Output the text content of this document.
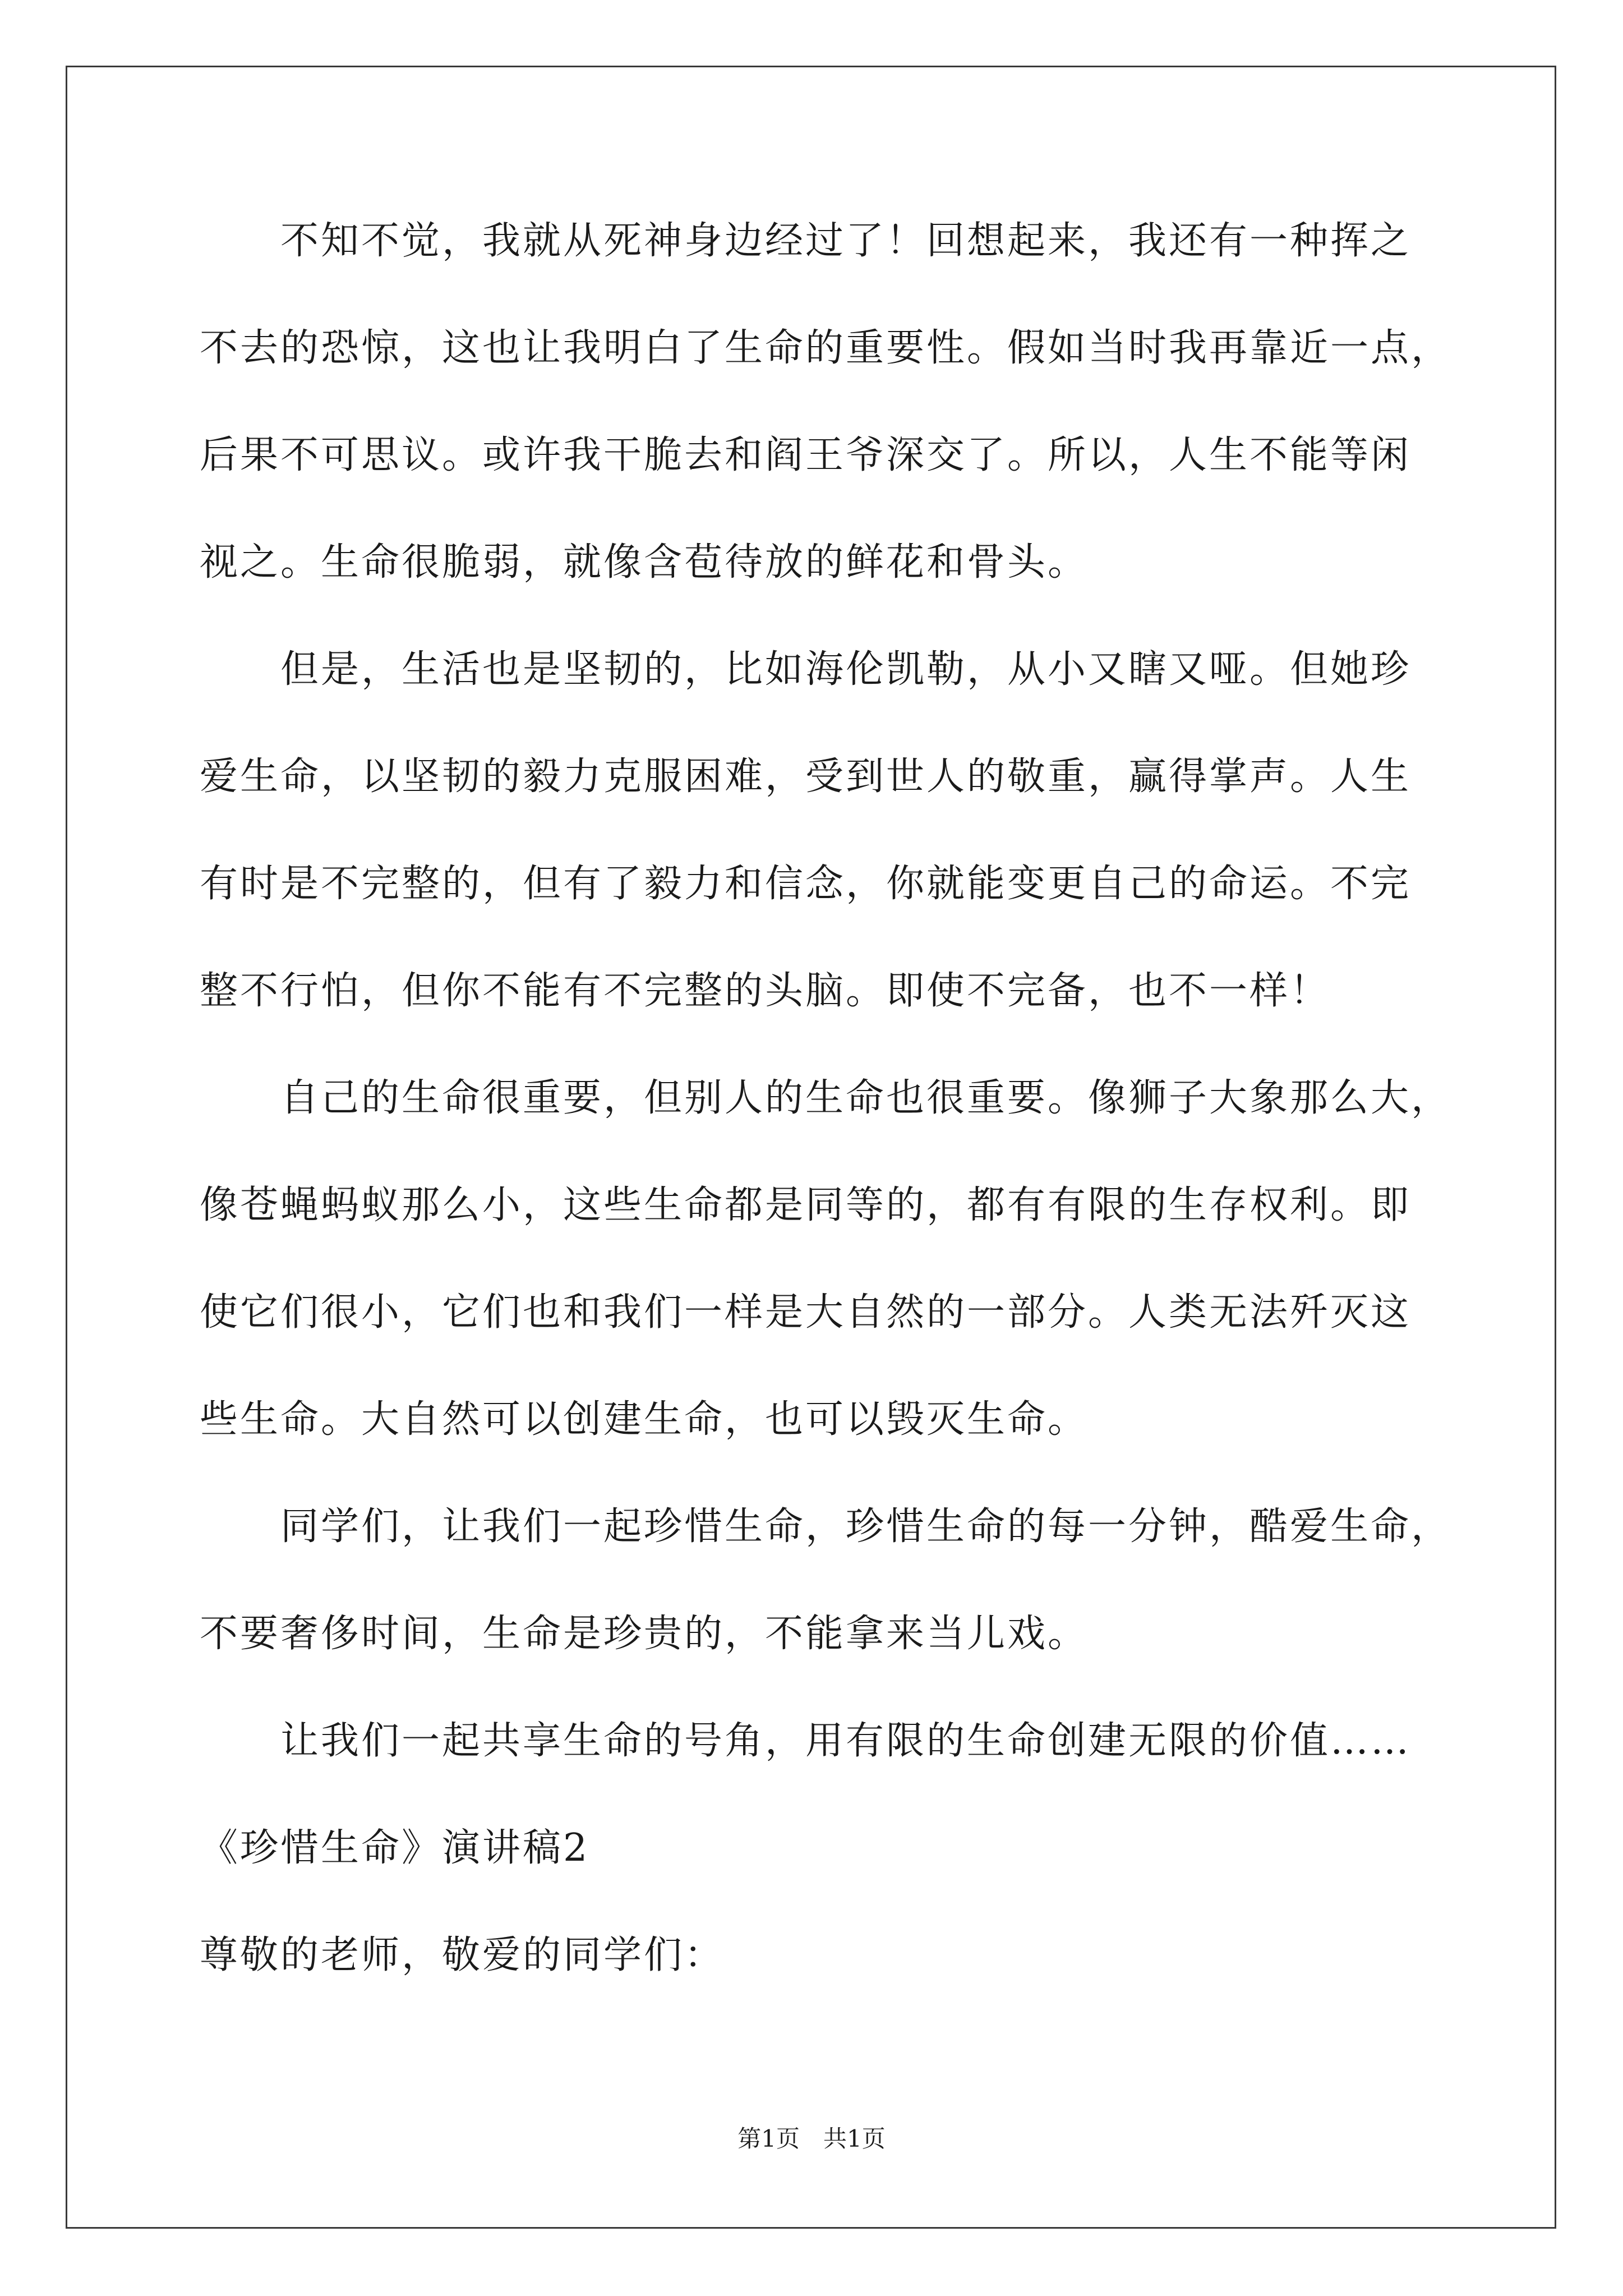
　　不知不觉，我就从死神身边经过了！回想起来，我还有一种挥之
不去的恐惊，这也让我明白了生命的重要性。假如当时我再靠近一点，
后果不可思议。或许我干脆去和阎王爷深交了。所以，人生不能等闲
视之。生命很脆弱，就像含苞待放的鲜花和骨头。
　　但是，生活也是坚韧的，比如海伦凯勒，从小又瞎又哑。但她珍
爱生命，以坚韧的毅力克服困难，受到世人的敬重，赢得掌声。人生
有时是不完整的，但有了毅力和信念，你就能变更自己的命运。不完
整不行怕，但你不能有不完整的头脑。即使不完备，也不一样！
　　自己的生命很重要，但别人的生命也很重要。像狮子大象那么大，
像苍蝇蚂蚁那么小，这些生命都是同等的，都有有限的生存权利。即
使它们很小，它们也和我们一样是大自然的一部分。人类无法歼灭这
些生命。大自然可以创建生命，也可以毁灭生命。
　　同学们，让我们一起珍惜生命，珍惜生命的每一分钟，酷爱生命，
不要奢侈时间，生命是珍贵的，不能拿来当儿戏。
　　让我们一起共享生命的号角，用有限的生命创建无限的价值……
《珍惜生命》演讲稿2
尊敬的老师，敬爱的同学们：
第1页　共1页
